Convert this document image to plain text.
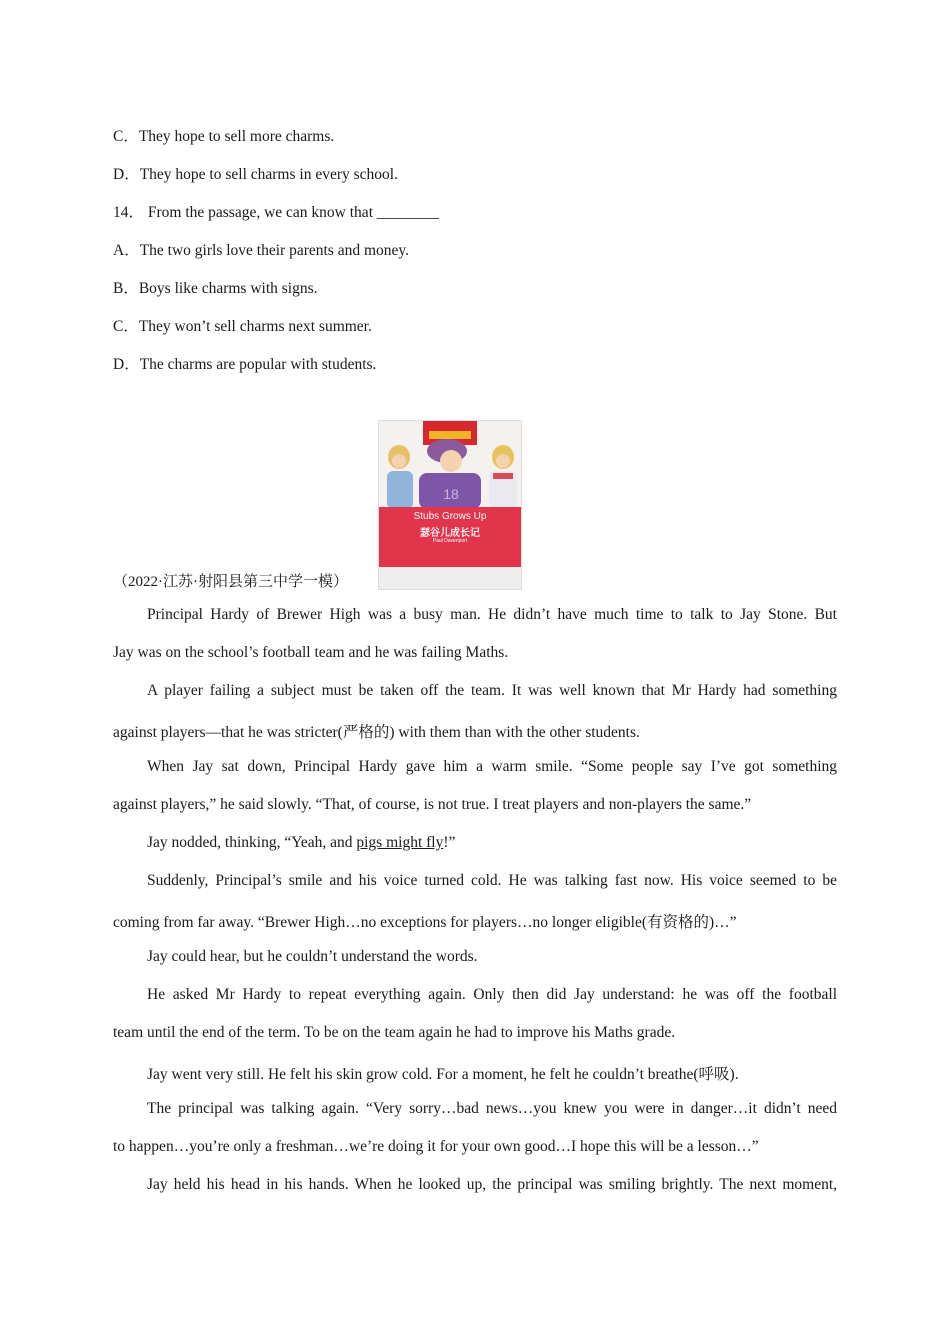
C．They hope to sell more charms.
D．They hope to sell charms in every school.
14． From the passage, we can know that ________
A．The two girls love their parents and money.
B．Boys like charms with signs.
C．They won’t sell charms next summer.
D．The charms are popular with students.
18
Stubs Grows Up
瑟谷儿成长记
Paul Davenport
（2022·江苏·射阳县第三中学一模）
Principal Hardy of Brewer High was a busy man. He didn’t have much time to talk to Jay Stone. But
Jay was on the school’s football team and he was failing Maths.
A player failing a subject must be taken off the team. It was well known that Mr Hardy had something
against players—that he was stricter(严格的) with them than with the other students.
When Jay sat down, Principal Hardy gave him a warm smile. “Some people say I’ve got something
against players,” he said slowly. “That, of course, is not true. I treat players and non-players the same.”
Jay nodded, thinking, “Yeah, and pigs might fly!”
Suddenly, Principal’s smile and his voice turned cold. He was talking fast now. His voice seemed to be
coming from far away. “Brewer High…no exceptions for players…no longer eligible(有资格的)…”
Jay could hear, but he couldn’t understand the words.
He asked Mr Hardy to repeat everything again. Only then did Jay understand: he was off the football
team until the end of the term. To be on the team again he had to improve his Maths grade.
Jay went very still. He felt his skin grow cold. For a moment, he felt he couldn’t breathe(呼吸).
The principal was talking again. “Very sorry…bad news…you knew you were in danger…it didn’t need
to happen…you’re only a freshman…we’re doing it for your own good…I hope this will be a lesson…”
Jay held his head in his hands. When he looked up, the principal was smiling brightly. The next moment,
